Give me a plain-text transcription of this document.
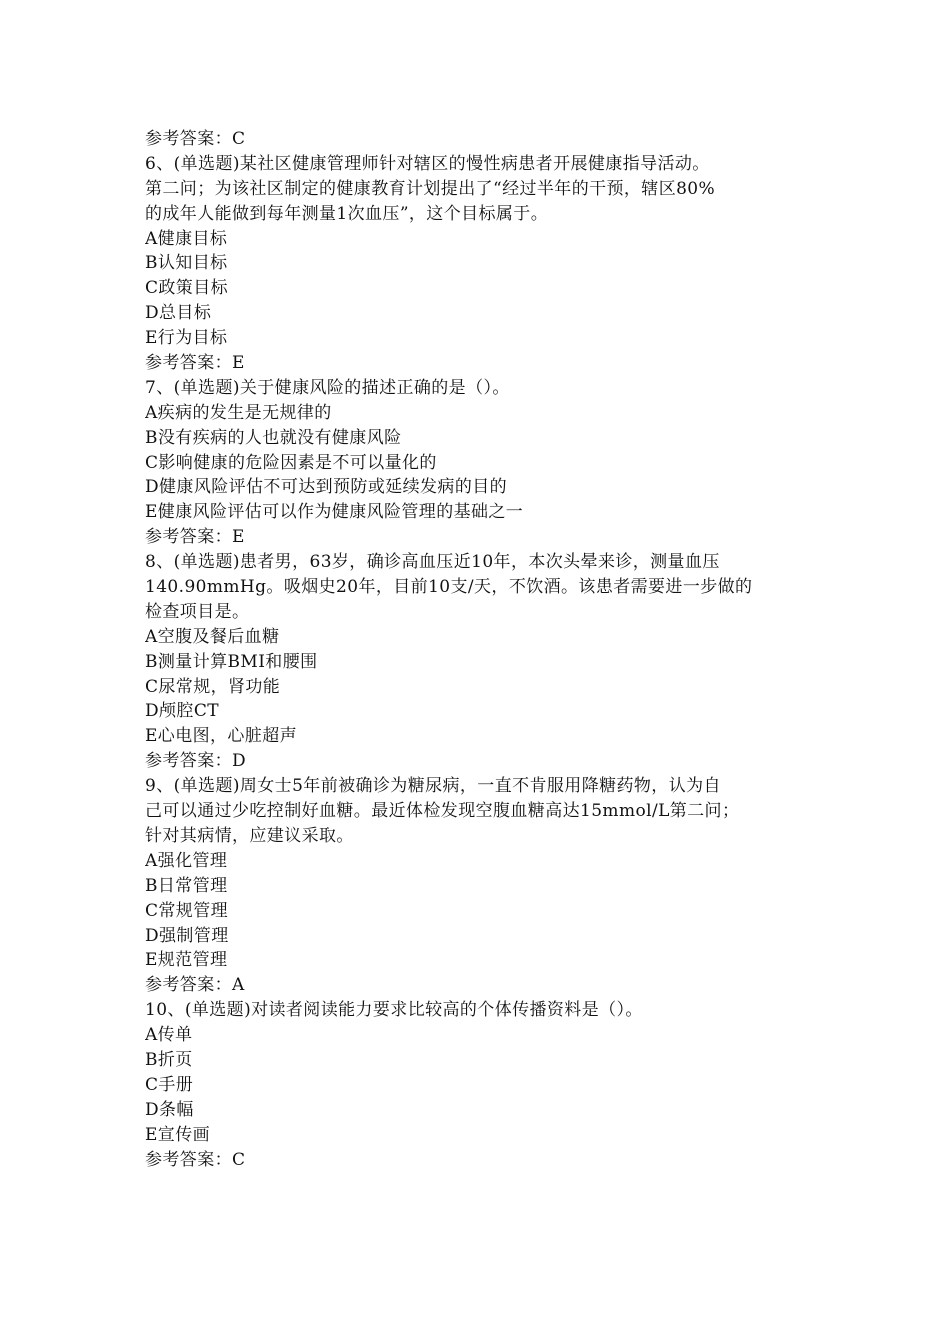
参考答案：C
6、(单选题)某社区健康管理师针对辖区的慢性病患者开展健康指导活动。
第二问；为该社区制定的健康教育计划提出了“经过半年的干预，辖区80%
的成年人能做到每年测量1次血压”，这个目标属于。
A健康目标
B认知目标
C政策目标
D总目标
E行为目标
参考答案：E
7、(单选题)关于健康风险的描述正确的是（）。
A疾病的发生是无规律的
B没有疾病的人也就没有健康风险
C影响健康的危险因素是不可以量化的
D健康风险评估不可达到预防或延续发病的目的
E健康风险评估可以作为健康风险管理的基础之一
参考答案：E
8、(单选题)患者男，63岁，确诊高血压近10年，本次头晕来诊，测量血压
140.90mmHg。吸烟史20年，目前10支/天，不饮酒。该患者需要进一步做的
检查项目是。
A空腹及餐后血糖
B测量计算BMI和腰围
C尿常规，肾功能
D颅腔CT
E心电图，心脏超声
参考答案：D
9、(单选题)周女士5年前被确诊为糖尿病，一直不肯服用降糖药物，认为自
己可以通过少吃控制好血糖。最近体检发现空腹血糖高达15mmol/L第二问；
针对其病情，应建议采取。
A强化管理
B日常管理
C常规管理
D强制管理
E规范管理
参考答案：A
10、(单选题)对读者阅读能力要求比较高的个体传播资料是（）。
A传单
B折页
C手册
D条幅
E宣传画
参考答案：C
